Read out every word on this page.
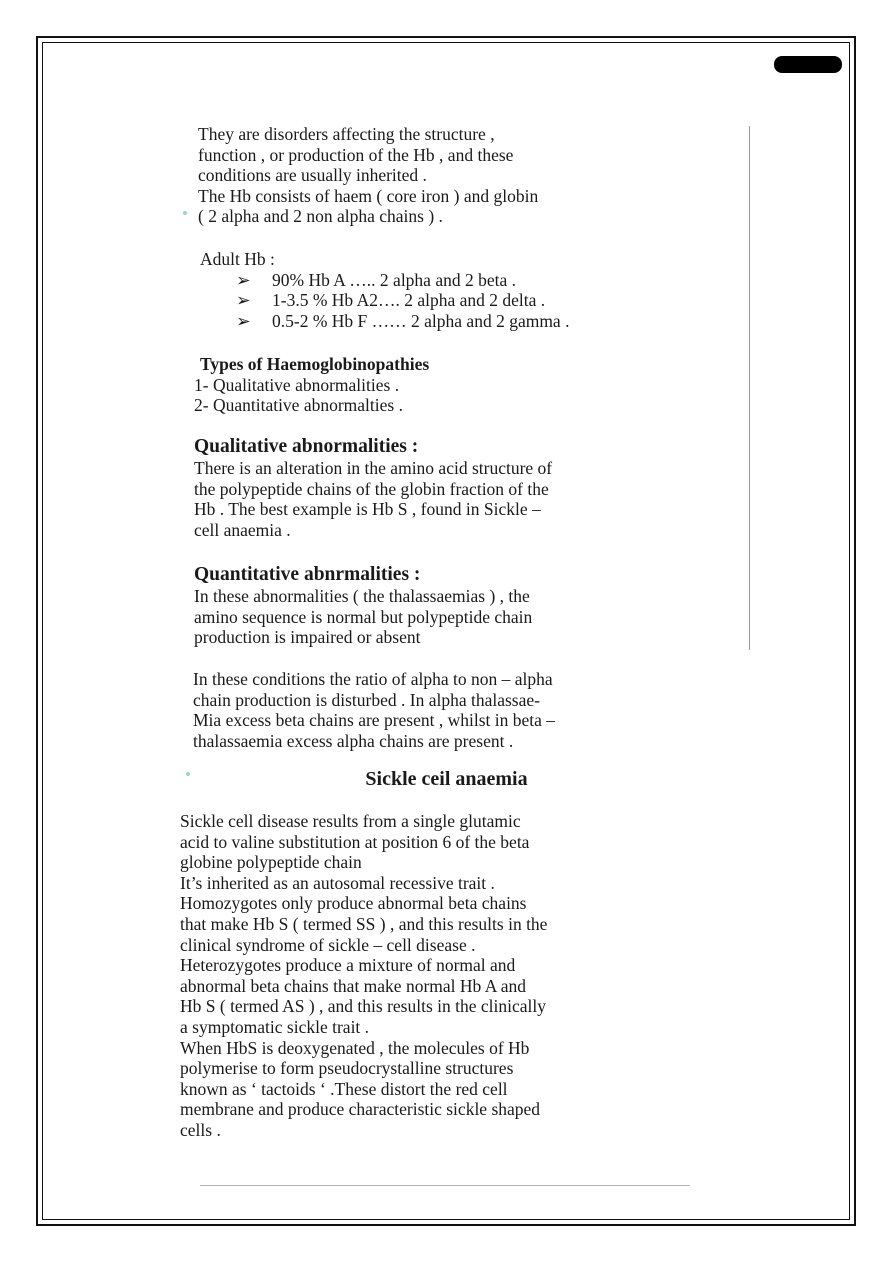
They are disorders affecting the structure ,

function , or production of the Hb , and these

conditions are usually inherited .

The Hb consists of haem ( core iron ) and globin

( 2 alpha and 2 non alpha chains ) .

Adult Hb :

➢ 90% Hb A ….. 2 alpha and 2 beta .
➢ 1-3.5 % Hb A2…. 2 alpha and 2 delta .
➢ 0.5-2 % Hb F …… 2 alpha and 2 gamma .
Types of Haemoglobinopathies

1- Qualitative abnormalities .

2- Quantitative abnormalties .

Qualitative abnormalities :

There is an alteration in the amino acid structure of

the polypeptide chains of the globin fraction of the

Hb . The best example is Hb S , found in Sickle –

cell anaemia .

Quantitative abnrmalities :

In these abnormalities ( the thalassaemias ) , the

amino sequence is normal but polypeptide chain

production is impaired or absent

In these conditions the ratio of alpha to non – alpha

chain production is disturbed . In alpha thalassae-

Mia excess beta chains are present , whilst in beta –

thalassaemia excess alpha chains are present .

Sickle ceil anaemia

Sickle cell disease results from a single glutamic

acid to valine substitution at position 6 of the beta

globine polypeptide chain

It’s inherited as an autosomal recessive trait .

Homozygotes only produce abnormal beta chains

that make Hb S ( termed SS ) , and this results in the

clinical syndrome of sickle – cell disease .

Heterozygotes produce a mixture of normal and

abnormal beta chains that make normal Hb A and

Hb S ( termed AS ) , and this results in the clinically

a symptomatic sickle trait .

When HbS is deoxygenated , the molecules of Hb

polymerise to form pseudocrystalline structures

known as ‘ tactoids ‘ .These distort the red cell

membrane and produce characteristic sickle shaped

cells .
